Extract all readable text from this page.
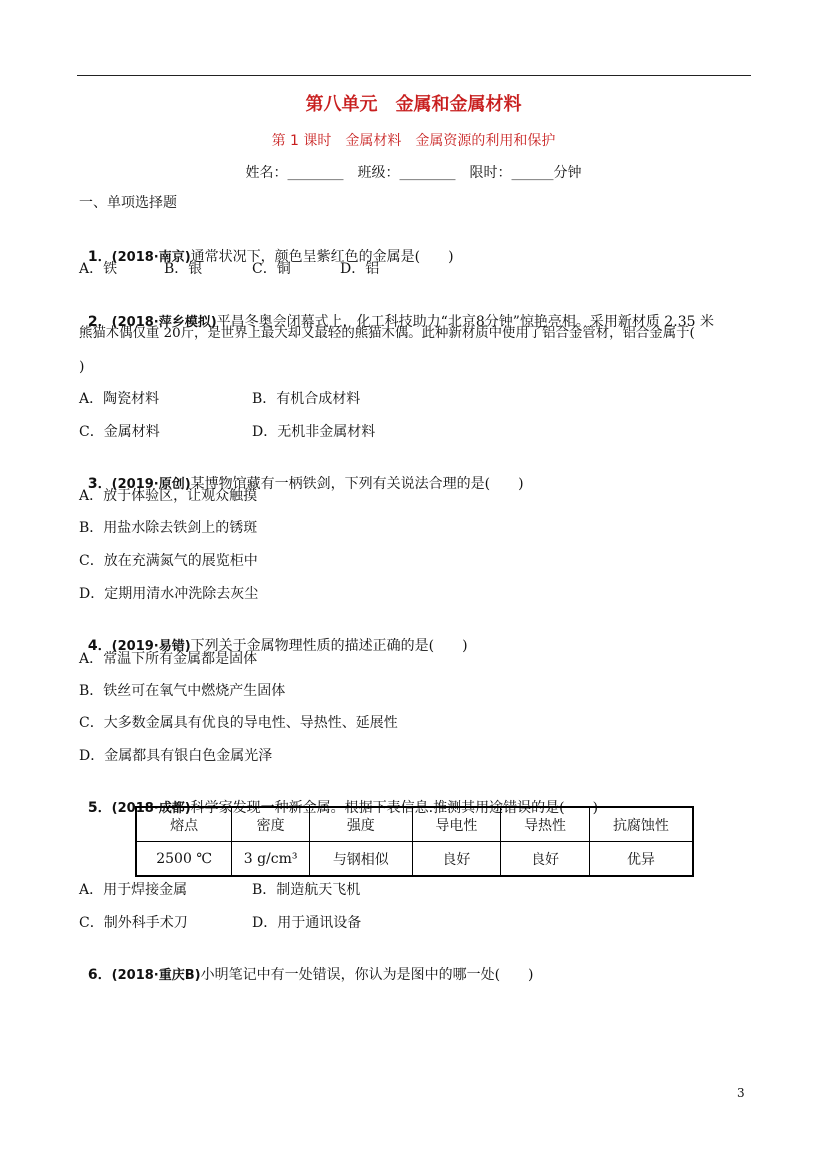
第八单元　金属和金属材料
第 1 课时　金属材料　金属资源的利用和保护
姓名：________　班级：________　限时：______分钟
一、单项选择题

1．(2018·南京)通常状况下，颜色呈紫红色的金属是(　　)

A．铁	B．银	C．铜	D．铝

2．(2018·萍乡模拟)平昌冬奥会闭幕式上，化工科技助力“北京8分钟”惊艳亮相。采用新材质 2.35 米

熊猫木偶仅重 20斤，是世界上最大却又最轻的熊猫木偶。此种新材质中使用了铝合金管材，铝合金属于(
)
A．陶瓷材料	B．有机合成材料
C．金属材料	D．无机非金属材料

3．(2019·原创)某博物馆藏有一柄铁剑，下列有关说法合理的是(　　)

A．放于体验区，让观众触摸
B．用盐水除去铁剑上的锈斑
C．放在充满氮气的展览柜中
D．定期用清水冲洗除去灰尘

4．(2019·易错)下列关于金属物理性质的描述正确的是(　　)

A．常温下所有金属都是固体
B．铁丝可在氧气中燃烧产生固体
C．大多数金属具有优良的导电性、导热性、延展性
D．金属都具有银白色金属光泽

5．(2018·成都)科学家发现一种新金属。根据下表信息.推测其用途错误的是(　　)

熔点	密度	强度	导电性	导热性	抗腐蚀性
2500 ℃	3 g/cm³	与钢相似	良好	良好	优异
A．用于焊接金属	B．制造航天飞机
C．制外科手术刀	D．用于通讯设备

6．(2018·重庆B)小明笔记中有一处错误，你认为是图中的哪一处(　　)

3
